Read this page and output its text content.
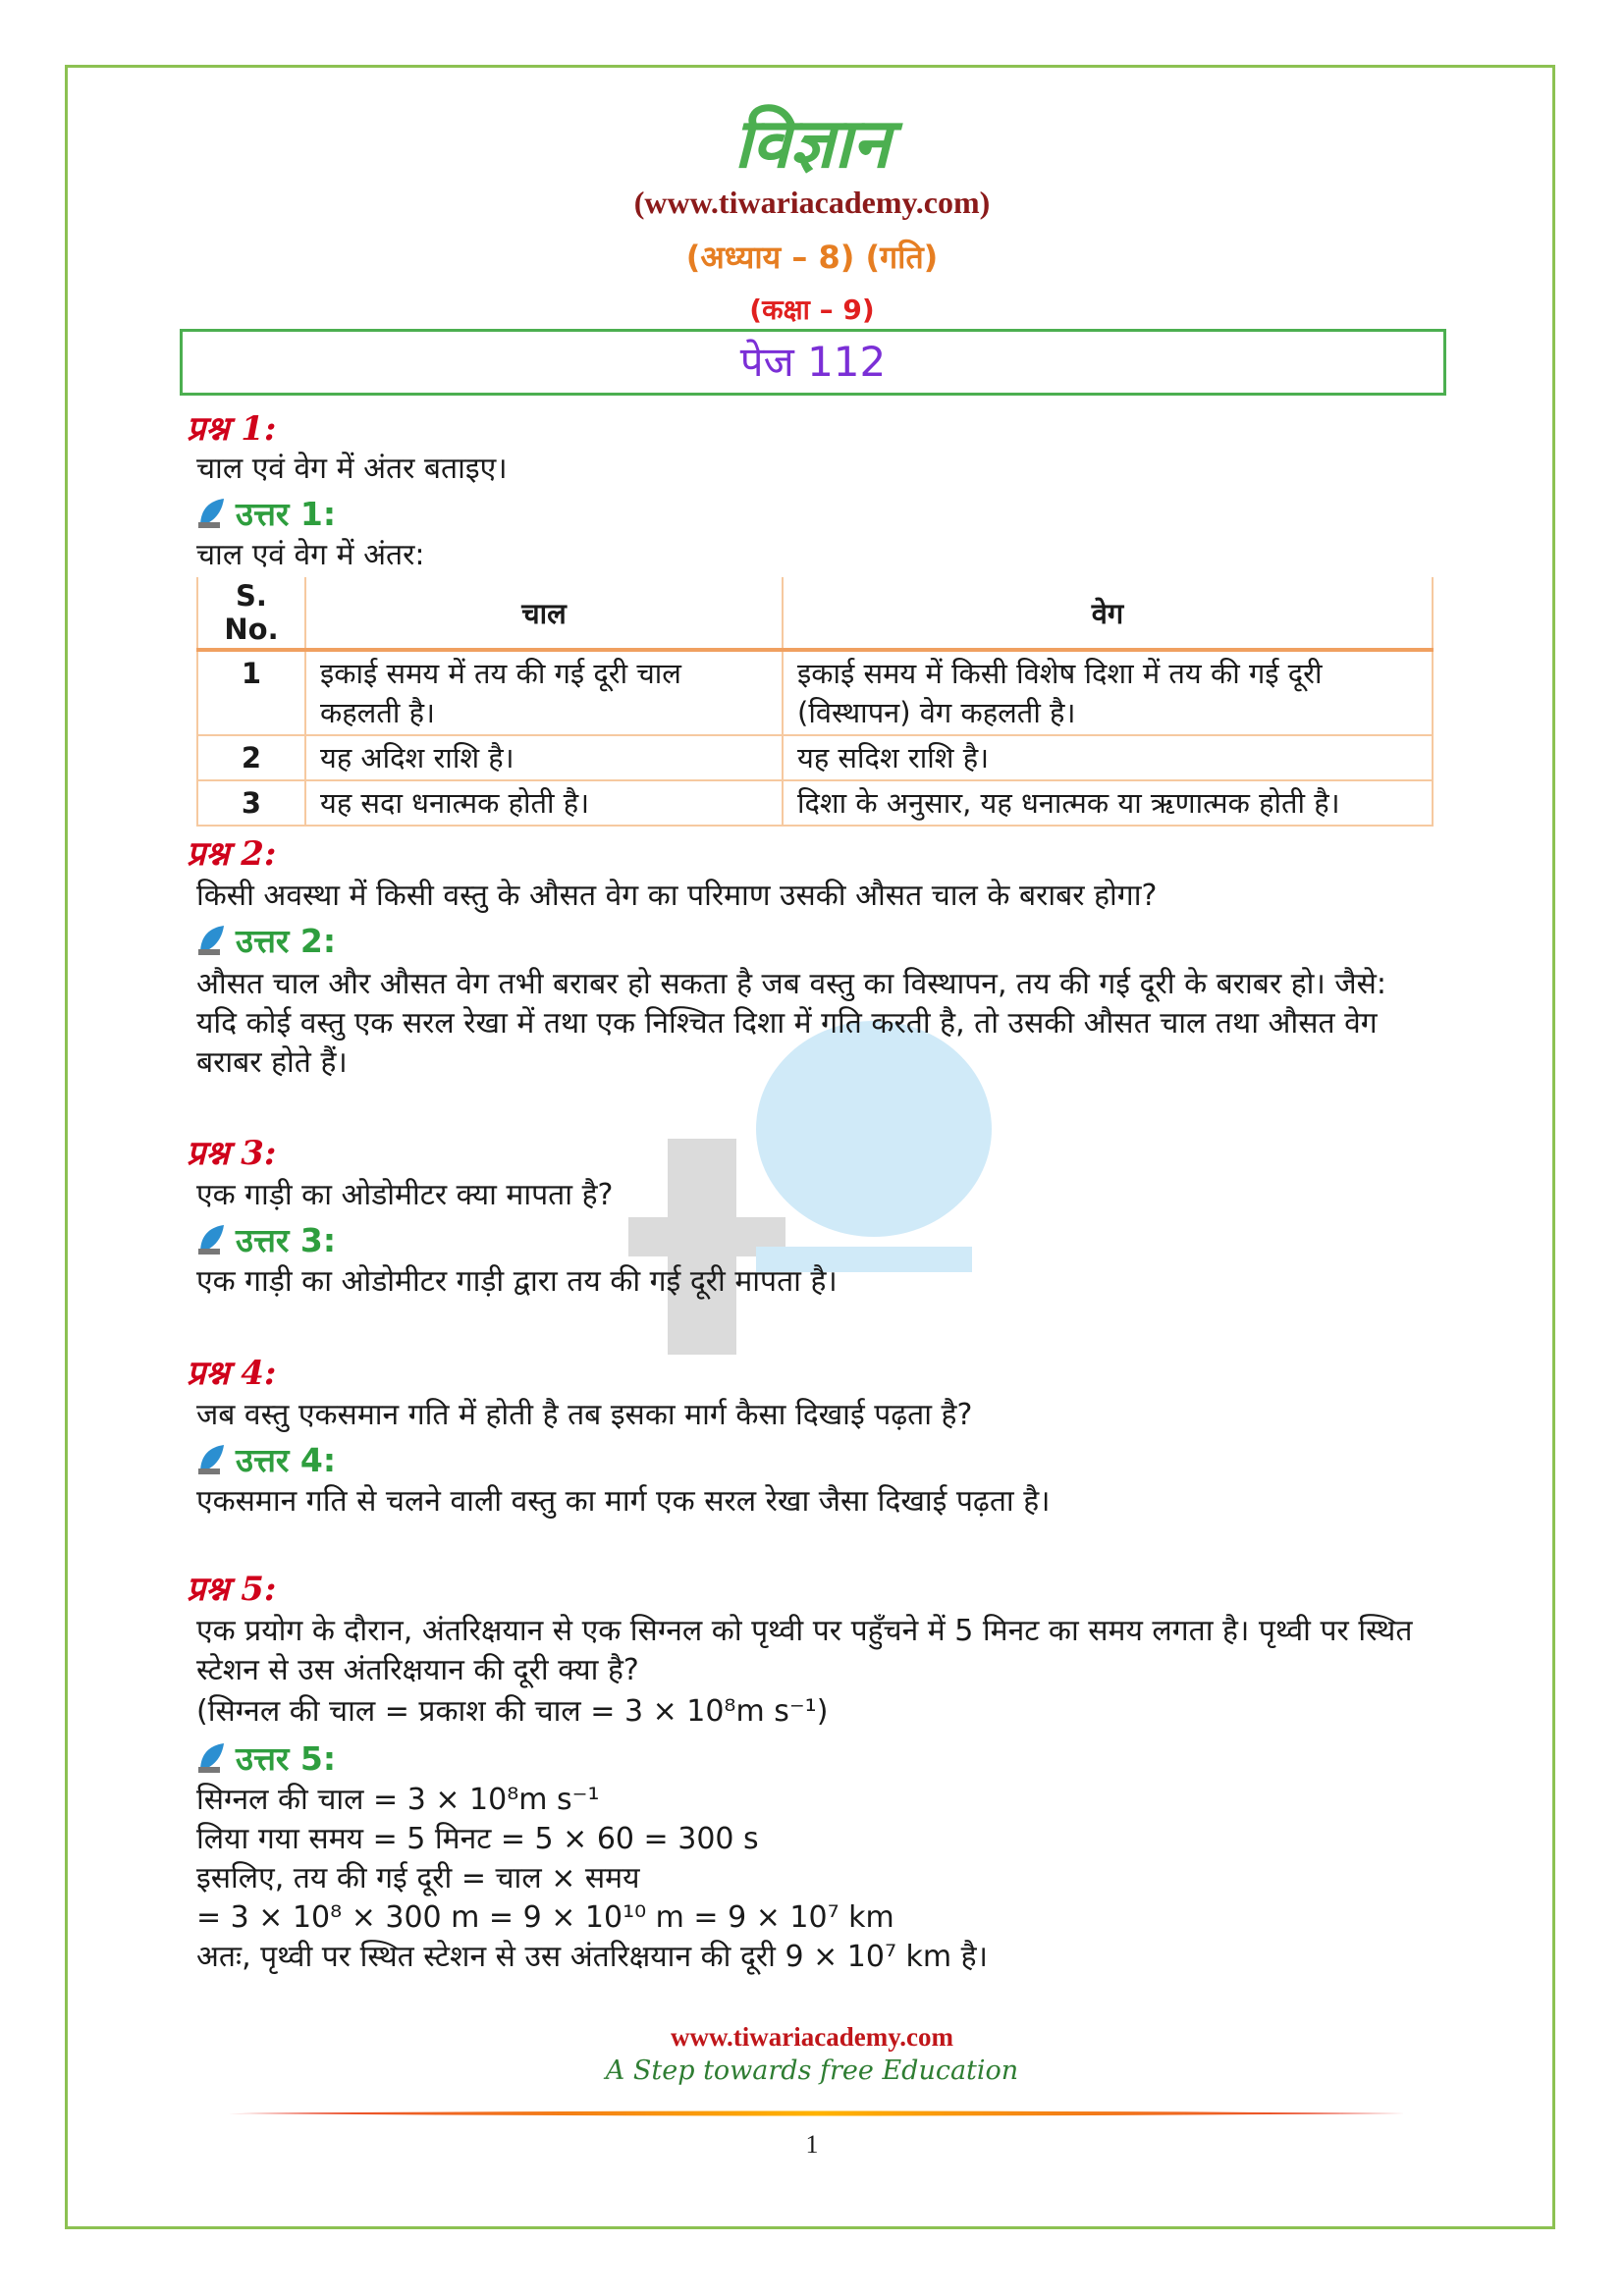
विज्ञान
(www.tiwariacademy.com)
(अध्याय – 8) (गति)
(कक्षा – 9)
पेज 112
प्रश्न 1:
चाल एवं वेग में अंतर बताइए।
उत्तर 1:
चाल एवं वेग में अंतर:
S. No.	चाल	वेग
1	इकाई समय में तय की गई दूरी चाल कहलती है।	इकाई समय में किसी विशेष दिशा में तय की गई दूरी (विस्थापन) वेग कहलती है।
2	यह अदिश राशि है।	यह सदिश राशि है।
3	यह सदा धनात्मक होती है।	दिशा के अनुसार, यह धनात्मक या ऋणात्मक होती है।
प्रश्न 2:
किसी अवस्था में किसी वस्तु के औसत वेग का परिमाण उसकी औसत चाल के बराबर होगा?
उत्तर 2:
औसत चाल और औसत वेग तभी बराबर हो सकता है जब वस्तु का विस्थापन, तय की गई दूरी के बराबर हो। जैसे: यदि कोई वस्तु एक सरल रेखा में तथा एक निश्चित दिशा में गति करती है, तो उसकी औसत चाल तथा औसत वेग बराबर होते हैं।
प्रश्न 3:
एक गाड़ी का ओडोमीटर क्या मापता है?
उत्तर 3:
एक गाड़ी का ओडोमीटर गाड़ी द्वारा तय की गई दूरी मापता है।
प्रश्न 4:
जब वस्तु एकसमान गति में होती है तब इसका मार्ग कैसा दिखाई पढ़ता है?
उत्तर 4:
एकसमान गति से चलने वाली वस्तु का मार्ग एक सरल रेखा जैसा दिखाई पढ़ता है।
प्रश्न 5:
एक प्रयोग के दौरान, अंतरिक्षयान से एक सिग्नल को पृथ्वी पर पहुँचने में 5 मिनट का समय लगता है। पृथ्वी पर स्थित स्टेशन से उस अंतरिक्षयान की दूरी क्या है?
(सिग्नल की चाल = प्रकाश की चाल = 3 × 10⁸m s⁻¹)
उत्तर 5:
सिग्नल की चाल = 3 × 10⁸m s⁻¹
लिया गया समय = 5 मिनट = 5 × 60 = 300 s
इसलिए, तय की गई दूरी = चाल × समय
= 3 × 10⁸ × 300 m = 9 × 10¹⁰ m = 9 × 10⁷ km
अतः, पृथ्वी पर स्थित स्टेशन से उस अंतरिक्षयान की दूरी 9 × 10⁷ km है।
www.tiwariacademy.com
A Step towards free Education
1
